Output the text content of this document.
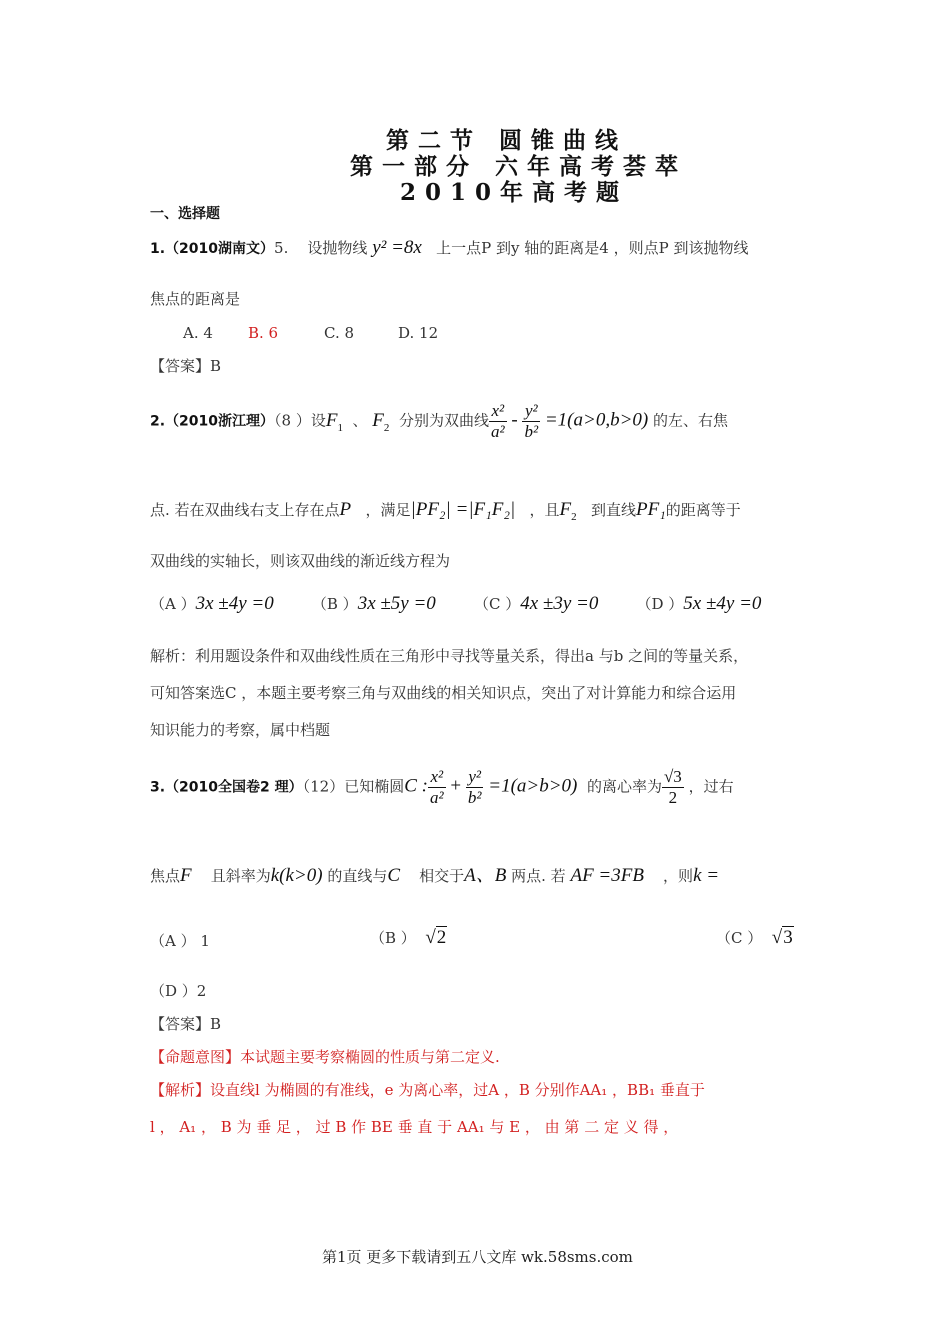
第二节 圆锥曲线
第一部分 六年高考荟萃
2010年高考题
一、选择题
1.（2010湖南文）5. 设抛物线 y² =8x 上一点P 到y 轴的距离是4 ，则点P 到该抛物线
焦点的距离是
A. 4 B. 6	C. 8	D. 12
【答案】B
2.（2010浙江理）（8 ）设$F_1$ 、 $F_2$ 分别为双曲线 $\frac{\text{x²}}{\text{a²}} - \frac{\text{y²}}{\text{b²}} =1(a>0,b>0)$ 的左、右焦
点. 若在双曲线右支上存在点P ，满足|PF₂| =|F₁F₂| ，且$F_2$ 到直线PF₁的距离等于
双曲线的实轴长，则该双曲线的渐近线方程为
（A ）3x ±4y =0	（B ）3x ±5y =0	（C ）4x ±3y =0	（D ）5x ±4y =0
解析：利用题设条件和双曲线性质在三角形中寻找等量关系，得出a 与b 之间的等量关系，
可知答案选C ，本题主要考察三角与双曲线的相关知识点，突出了对计算能力和综合运用
知识能力的考察，属中档题
3.（2010全国卷2 理）（12）已知椭圆C : $\frac{\text{x²}}{\text{a²}} + \frac{\text{y²}}{\text{b²}} =1(a>b>0)$ 的离心率为 $\frac{√3}{2}$ ，过右
焦点F 且斜率为k(k>0) 的直线与C 相交于A、B 两点. 若 AF =3FB ，则k =
（A ） 1	（B ） √2	（C ） √3
（D ）2
【答案】B
【命题意图】本试题主要考察椭圆的性质与第二定义.
【解析】设直线l 为椭圆的有准线，e 为离心率，过A ，B 分别作AA₁ ，BB₁ 垂直于
l ， A₁ ， B 为 垂 足 ， 过 B 作 BE 垂 直 于 AA₁ 与 E ， 由 第 二 定 义 得 ，
第1页 更多下载请到五八文库 wk.58sms.com
